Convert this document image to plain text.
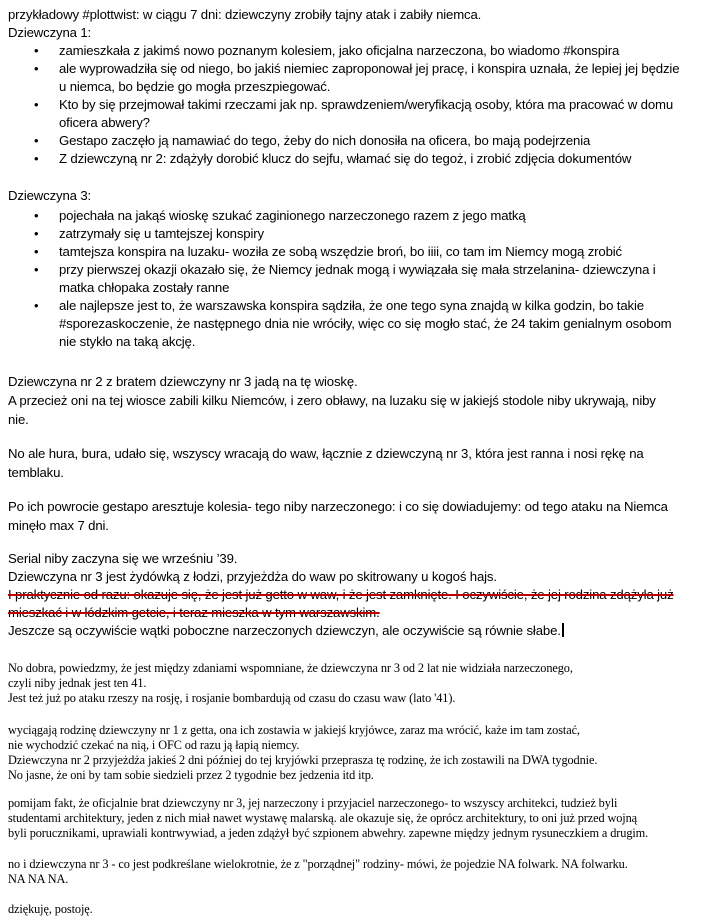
przykładowy #plottwist: w ciągu 7 dni: dziewczyny zrobiły tajny atak i zabiły niemca.
Dziewczyna 1:
• zamieszkała z jakimś nowo poznanym kolesiem, jako oficjalna narzeczona, bo wiadomo #konspira
• ale wyprowadziła się od niego, bo jakiś niemiec zaproponował jej pracę, i konspira uznała, że lepiej jej będzie
u niemca, bo będzie go mogła przeszpiegować.
• Kto by się przejmował takimi rzeczami jak np. sprawdzeniem/weryfikacją osoby, która ma pracować w domu
oficera abwery?
• Gestapo zaczęło ją namawiać do tego, żeby do nich donosiła na oficera, bo mają podejrzenia
• Z dziewczyną nr 2: zdążyły dorobić klucz do sejfu, włamać się do tegoż, i zrobić zdjęcia dokumentów
Dziewczyna 3:
• pojechała na jakąś wioskę szukać zaginionego narzeczonego razem z jego matką
• zatrzymały się u tamtejszej konspiry
• tamtejsza konspira na luzaku- woziła ze sobą wszędzie broń, bo iiii, co tam im Niemcy mogą zrobić
• przy pierwszej okazji okazało się, że Niemcy jednak mogą i wywiązała się mała strzelanina- dziewczyna i
matka chłopaka zostały ranne
• ale najlepsze jest to, że warszawska konspira sądziła, że one tego syna znajdą w kilka godzin, bo takie
#sporezaskoczenie, że następnego dnia nie wróciły, więc co się mogło stać, że 24 takim genialnym osobom
nie stykło na taką akcję.
Dziewczyna nr 2 z bratem dziewczyny nr 3 jadą na tę wioskę.
A przecież oni na tej wiosce zabili kilku Niemców, i zero obławy, na luzaku się w jakiejś stodole niby ukrywają, niby
nie.
No ale hura, bura, udało się, wszyscy wracają do waw, łącznie z dziewczyną nr 3, która jest ranna i nosi rękę na
temblaku.
Po ich powrocie gestapo aresztuje kolesia- tego niby narzeczonego: i co się dowiadujemy: od tego ataku na Niemca
minęło max 7 dni.
Serial niby zaczyna się we wrześniu ’39.
Dziewczyna nr 3 jest żydówką z łodzi, przyjeżdża do waw po skitrowany u kogoś hajs.
I praktycznie od razu: okazuje się, że jest już getto w waw, i że jest zamknięte. I oczywiście, że jej rodzina zdążyła już
mieszkać i w łódzkim getcie, i teraz mieszka w tym warszawskim.
Jeszcze są oczywiście wątki poboczne narzeczonych dziewczyn, ale oczywiście są równie słabe.
No dobra, powiedzmy, że jest między zdaniami wspomniane, że dziewczyna nr 3 od 2 lat nie widziała narzeczonego,
czyli niby jednak jest ten 41.
Jest też już po ataku rzeszy na rosję, i rosjanie bombardują od czasu do czasu waw (lato '41).
wyciągają rodzinę dziewczyny nr 1 z getta, ona ich zostawia w jakiejś kryjówce, zaraz ma wrócić, każe im tam zostać,
nie wychodzić czekać na nią, i OFC od razu ją łapią niemcy.
Dziewczyna nr 2 przyjeżdża jakieś 2 dni później do tej kryjówki przeprasza tę rodzinę, że ich zostawili na DWA tygodnie.
No jasne, że oni by tam sobie siedzieli przez 2 tygodnie bez jedzenia itd itp.
pomijam fakt, że oficjalnie brat dziewczyny nr 3, jej narzeczony i przyjaciel narzeczonego- to wszyscy architekci, tudzież byli
studentami architektury, jeden z nich miał nawet wystawę malarską. ale okazuje się, że oprócz architektury, to oni już przed wojną
byli porucznikami, uprawiali kontrwywiad, a jeden zdążył być szpionem abwehry. zapewne między jednym rysuneczkiem a drugim.
no i dziewczyna nr 3 - co jest podkreślane wielokrotnie, że z "porządnej" rodziny- mówi, że pojedzie NA folwark. NA folwarku.
NA NA NA.
dziękuję, postoję.
